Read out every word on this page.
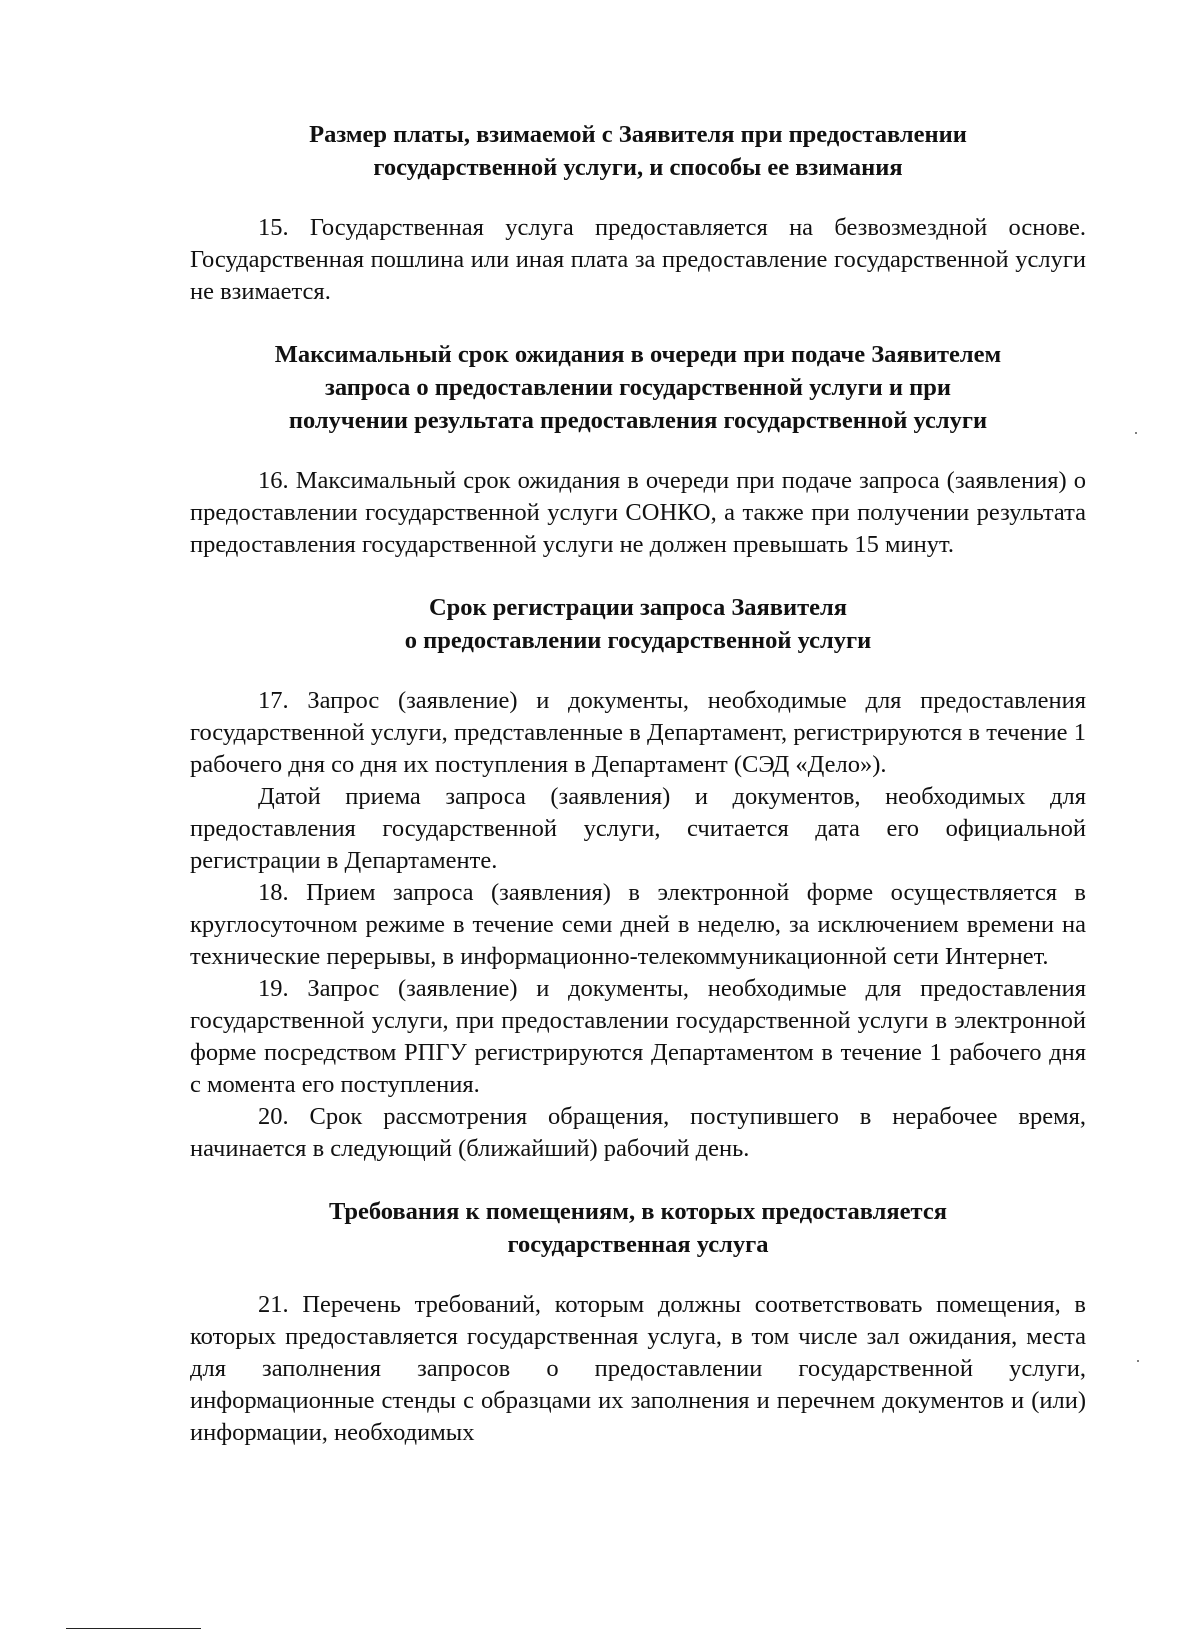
Размер платы, взимаемой с Заявителя при предоставлении
государственной услуги, и способы ее взимания

15. Государственная услуга предоставляется на безвозмездной основе. Государственная пошлина или иная плата за предоставление государственной услуги не взимается.

Максимальный срок ожидания в очереди при подаче Заявителем
запроса о предоставлении государственной услуги и при
получении результата предоставления государственной услуги

16. Максимальный срок ожидания в очереди при подаче запроса (заявления) о предоставлении государственной услуги СОНКО, а также при получении результата предоставления государственной услуги не должен превышать 15 минут.

Срок регистрации запроса Заявителя
о предоставлении государственной услуги

17. Запрос (заявление) и документы, необходимые для предоставления государственной услуги, представленные в Департамент, регистрируются в течение 1 рабочего дня со дня их поступления в Департамент (СЭД «Дело»).

Датой приема запроса (заявления) и документов, необходимых для предоставления государственной услуги, считается дата его официальной регистрации в Департаменте.

18. Прием запроса (заявления) в электронной форме осуществляется в круглосуточном режиме в течение семи дней в неделю, за исключением времени на технические перерывы, в информационно-телекоммуникационной сети Интернет.

19. Запрос (заявление) и документы, необходимые для предоставления государственной услуги, при предоставлении государственной услуги в электронной форме посредством РПГУ регистрируются Департаментом в течение 1 рабочего дня с момента его поступления.

20. Срок рассмотрения обращения, поступившего в нерабочее время, начинается в следующий (ближайший) рабочий день.

Требования к помещениям, в которых предоставляется
государственная услуга

21. Перечень требований, которым должны соответствовать помещения, в которых предоставляется государственная услуга, в том числе зал ожидания, места для заполнения запросов о предоставлении государственной услуги, информационные стенды с образцами их заполнения и перечнем документов и (или) информации, необходимых
